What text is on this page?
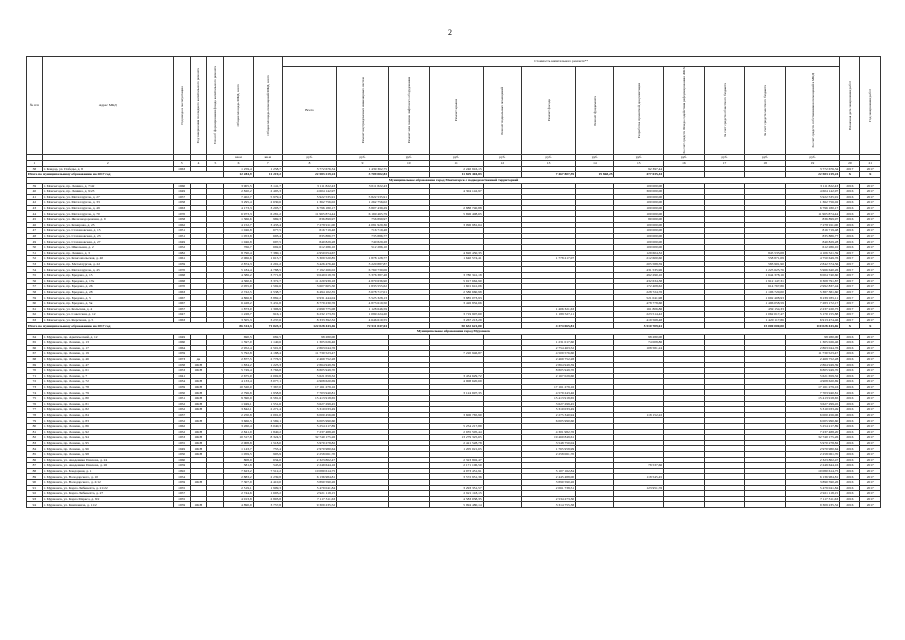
2
№ п/п	Адрес МКД	Год ввода в эксплуатацию	Год завершения последнего капитального ремонта	Способ формирования фонда капитального ремонта	Общая площадь МКД, всего	Общая площадь помещений МКД, всего	Стоимость капитального ремонта**												Плановая дата завершения работ	Год завершения работ

							Всего	Ремонт внутридомовых инженерных систем	Ремонт или замена лифтового оборудования	Ремонт крыши	Ремонт подвальных помещений	Ремонт фасада	Ремонт фундамента	Разработка проектной документации	За счет средств Фонда содействия реформированию ЖКХ	За счет средств областного бюджета	За счет средств местного бюджета	За счет средств собственников помещений в МКД		

					кв.м	кв.м	руб.	руб.	руб.	руб.	руб.	руб.	руб.	руб.	руб.	руб.	руб.	руб.		
1	2	3	4	5	6	7	8	9	10	11	12	13	14	15	16	17	18	19	20	21
38	г. Ковдор, ул. Победы, д. 8	1963			1 259,4	1 258,7	3 772 676,34	1 439 362,75		2 240 916,15				92 397,44				3 772 676,34	2017	2017
Итого по муниципальному образованию на 2017 год					12 284,9	11 219,2	22 583 219,24	3 709 002,83		11 829 404,83		7 467 807,59	19 868,25	477 035,44				22 583 219,24	X	X
Муниципальное образование город Мончегорск с подведомственной территорией																				
39	г. Мончегорск, пр. Ленина, д. 7/42	1960			3 905,5	3 141,7	3 111 822,43	3 011 822,43						100 000,00				3 111 822,43	2016	2017
40	г. Мончегорск, пр. Ленина, д. 9/23	1949			2 820,2	2 495,3	4 604 142,97			4 304 142,97				300 000,00				4 604 142,97	2016	2017
41	г. Мончегорск, ул. Металлургов, д. 27	1957			7 402,7	5 979,4	5 922 535,91	5 822 535,91						100 000,00				5 922 535,91	2016	2017
42	г. Мончегорск, ул. Металлургов, д. 33	1958			3 295,4	2 630,6	1 362 756,02	1 262 756,02						100 000,00				1 362 756,02	2016	2017
43	г. Мончегорск, ул. Металлургов, д. 49	1963			4 173,3	3 203,7	6 796 180,17	3 807 439,29		2 888 740,88				100 000,00				6 796 180,17	2016	2017
44	г. Мончегорск, ул. Металлургов, д. 70	1970			6 973,3	6 281,2	11 965 874,44	6 169 465,79		5 696 408,65				100 000,00				11 965 874,44	2016	2017
45	г. Мончегорск, ул. Железнодорожная, д. 9	1958			1 366,6	969,3	836 899,97	756 899,97						80 000,00				836 899,97	2016	2017
46	г. Мончегорск, ул. Комарова, д. 25	1962			4 152,7	3 433,4	7 278 911,00	4 081 929,36		3 096 981,64				100 000,00				7 278 911,00	2016	2017
47	г. Мончегорск, ул. Стахановская, д. 15	1951			1 046,8	677,5	816 719,48	716 719,48						100 000,00				816 719,48	2016	2017
48	г. Мончегорск, ул. Стахановская, д. 23	1951			1 053,8	693,4	835 886,77	735 886,77						100 000,00				835 886,77	2016	2017
49	г. Мончегорск, ул. Стахановская, д. 27	1949			1 046,8	697,5	840 829,28	740 829,28						100 000,00				840 829,28	2016	2017
50	г. Мончегорск, ул. Школьная, д. 2	1952			766,7	692,6	612 286,10	512 286,10						100 000,00				612 286,10	2016	2017
51	г. Мончегорск, пр. Ленина, д. 3	1982			8 790,4	7 380,1	4 950 054,67			4 820 450,35				129 604,32			845 533,08	4 106 521,59	2017	2017
52	г. Мончегорск, ул. Комсомольская, д. 40	1961			2 066,6	1 615,7	5 309 520,85	1 878 128,77		1 640 574,41		1 778 217,07		212 600,60			558 871,09	4 750 649,76	2017	2017
53	г. Мончегорск, пр. Металлургов, д. 22	1939			2 874,3	2 291,2	3 426 476,46	3 220 887,87						205 588,59			583 901,90	2 842 574,56	2017	2017
54	г. Мончегорск, ул. Металлургов, д. 45	1970			5 184,4	4 788,5	7 192 266,02	6 760 730,06						431 535,96			1 225 625,76	5 966 640,26	2017	2017
55	г. Мончегорск, пр. Бредова, д. 15	1968			4 386,2	3 771,8	9 649 018,76	5 376 387,48		3 780 341,18				492 290,10			1 644 378,16	8 004 740,60	2017	2017
56	г. Мончегорск, пр. Бредова, д. 17к	1968			4 360,6	3 372,7	11 220 939,18	4 870 636,90		5 917 662,90				432 634,38			1 912 147,31	9 308 791,87	2017	2017
57	г. Мончегорск, пр. Бредова, д. 26	1970			2 055,0	1 592,6	3 607 605,30	1 833 555,62		1 601 641,06				172 408,62			614 767,86	2 992 837,44	2017	2017
58	г. Мончегорск, пр. Бредова, д. 28	1963			2 722,5	2 538,7	6 494 102,35	3 678 717,01		2 586 660,98				228 724,76			1 106 720,00	5 387 381,60	2017	2017
59	г. Мончегорск, пр. Бредова, д. 5	1967			4 866,8	3 882,2	9 931 444,04	5 525 328,13		3 885 073,93				521 041,98			1 692 408,93	8 239 035,11	2017	2017
60	г. Мончегорск, пр. Бредова, д. 5к	1967			6 428,2	5 431,8	8 779 230,76	4 873 619,50		3 426 832,66				478 778,60			1 496 058,59	7 283 172,17	2017	2017
61	г. Мончегорск, ул. Кольская, д. 4	1957			1 873,0	1 306,9	2 699 775,08	1 128 646,59				1 406 321,63		161 806,86			459 154,33	2 237 220,75	2017	2017
62	г. Мончегорск, ул. Советская, д. 12	1947			1 228,7	916,1	6 232 173,35	1 099 224,20		3 719 907,60		1 189 527,11		223 514,42			1 062 017,47	5 170 155,88	2017	2017
63	г. Мончегорск, ул. Ферсмана, д. 5	1963			3 505,3	3 237,6	8 333 392,32	4 646 610,55		3 267 213,29				419 568,48			1 420 117,86	6 913 474,46	2017	2017
Итого по муниципальному образованию на 2017 год					86 314,3	71 023,3	122 028 443,46	72 511 047,04		50 632 621,00		4 374 065,81		5 510 709,61			15 000 000,00	110 028 443,46	X	X
Муниципальное образование город Мурманск																				
64	г. Мурманск, пр. Арктический, д. 12	1949			690,5	682,5	98 280,00							98 280,00				98 280,00	2016	2017
65	г. Мурманск, пр. Ленина, д. 13	1960			1 597,0	1 140,6	1 305 026,46					1 231 017,60		74 008,86				1 305 026,46	2016	2017
66	г. Мурманск, пр. Ленина, д. 17	1964			2 952,4	2 501,8	2 863 044,76					2 754 463,52		108 581,24				2 863 044,76	2016	2017
67	г. Мурманск, пр. Ленина, д. 19	1959			5 792,8	4 188,4	11 730 523,47			7 220 946,87		4 509 576,60						11 730 523,47	2016	2017
68	г. Мурманск, пр. Ленина, д. 46	1973	ди		2 877,5	2 776,5	2 469 752,28					2 469 752,28						2 469 752,28	2016	2017
69	г. Мурманск, пр. Ленина, д. 47	1938	ОКН		1 834,2	1 225,3	2 864 949,39					2 864 949,39						2 864 949,39	2016	2017
70	г. Мурманск, пр. Ленина, д. 61	1953	ОКН		5 749,4	3 766,8	8 805 949,70					8 805 949,70						8 805 949,70	2016	2017
71	г. Мурманск, пр. Ленина, д. 7	1941			2 675,0	2 002,8	5 621 659,32			3 454 629,72		2 167 029,60						5 621 659,32	2016	2017
72	г. Мурманск, пр. Ленина, д. 72	1934	ОКН		4 133,4	3 077,1	4 908 620,69			4 908 620,69								4 908 620,69	2016	2017
73	г. Мурманск, пр. Ленина, д. 78	1939	ОКН		10 520,0	7 367,0	17 161 279,16					17 161 279,16						17 161 279,16	2016	2017
74	г. Мурманск, пр. Ленина, д. 79	1950	ОКН		2 796,8	1 958,8	7 703 940,81			3 124 697,35		4 579 243,46						7 703 940,81	2016	2017
75	г. Мурманск, пр. Ленина, д. 80	1951	ОКН		9 390,9	6 581,6	15 413 918,65					15 413 918,65						15 413 918,65	2016	2017
76	г. Мурманск, пр. Ленина, д. 81	1952	ОКН		1 949,1	1 551,6	3 627 299,45					3 627 299,45						3 627 299,45	2016	2017
77	г. Мурманск, пр. Ленина, д. 82	1952	ОКН		3 842,1	2 271,4	5 310 033,49					5 310 033,49						5 310 033,49	2016	2017
78	г. Мурманск, пр. Ленина, д. 84	1937			2 250,8	2 091,0	6 000 456,06			3 606 765,90		2 275 340,94		118 152,22				6 000 456,06	2016	2017
79	г. Мурманск, пр. Ленина, д. 83	1952	ОКН		3 666,5	2 569,1	6 005 990,60					6 005 990,60						6 005 990,60	2016	2017
80	г. Мурманск, пр. Ленина, д. 86	1962			3 260,4	3 040,3	5 254 217,89			5 254 217,89								5 254 217,89	2016	2017
81	г. Мурманск, пр. Ленина, д. 92	1952	ОКН		2 841,9	1 840,2	7 237 488,20			2 935 505,44		4 301 982,76						7 237 488,20	2016	2017
82	г. Мурманск, пр. Ленина, д. 94	1953	ОКН		10 317,8	8 324,5	32 740 175,26			13 279 325,65		19 460 849,61						32 740 175,26	2016	2017
83	г. Мурманск, пр. Ленина, д. 95	1955	ОКН		2 008,8	1 518,0	5 970 278,82			2 421 528,78		3 548 750,04						5 970 278,82	2016	2017
84	г. Мурманск, пр. Ленина, д. 96	1949	ОКН		1 143,7	755,4	2 970 980,64			1 205 021,65		1 765 958,99						2 970 980,64	2016	2017
85	г. Мурманск, пр. Ленина, д. 98	1950	ОКН		1 059,5	905,9	2 258 061,70					2 258 061,70						2 258 061,70	2016	2017
86	г. Мурманск, ул. Академика Павлова, д. 24	1960			808,9	634,0	2 323 802,47			2 323 802,47								2 323 802,47	2016	2017
87	г. Мурманск, ул. Академика Павлова, д. 26	1959			581,8	545,6	2 249 644,16			2 171 106,50				78 537,66				2 249 644,16	2016	2017
88	г. Мурманск, ул. Бондарная, д. 1	1992			7 623,2	7 512,2	10 080 614,75			4 973 451,91		5 107 162,84						10 080 614,75	2016	2017
89	г. Мурманск, ул. Володарского, д. 10	1954			2 883,2	2 239,8	6 136 984,81			3 572 951,36		2 445 488,00		118 545,45				6 136 984,81	2016	2017
90	г. Мурманск, ул. Володарского, д. 2/12	1959	ОКН		7 307,9	4 410,0	3 890 590,26					3 890 590,26						3 890 590,26	2016	2017
91	г. Мурманск, ул. Карла Либкнехта, д. 21/22	1955			2 519,1	1 909,3	5 479 041,84			3 293 351,57		2 061 738,51		123 951,76				5 479 041,84	2016	2017
92	г. Мурманск, ул. Карла Либкнехта, д. 27	1957			2 744,6	1 693,2	2 921 118,15			2 921 118,15								2 921 118,15	2016	2017
93	г. Мурманск, ул. Карла Маркса, д. 8/2	1955			4 013,8	2 803,8	7 117 311,63			4 583 038,35		2 534 273,30						7 117 311,63	2016	2017
94	г. Мурманск, ул. Книповича, д. 11/2	1959	ОКН		4 890,9	3 757,8	9 309 235,52			5 994 480,14		3 314 755,38						9 309 235,52	2016	2017
